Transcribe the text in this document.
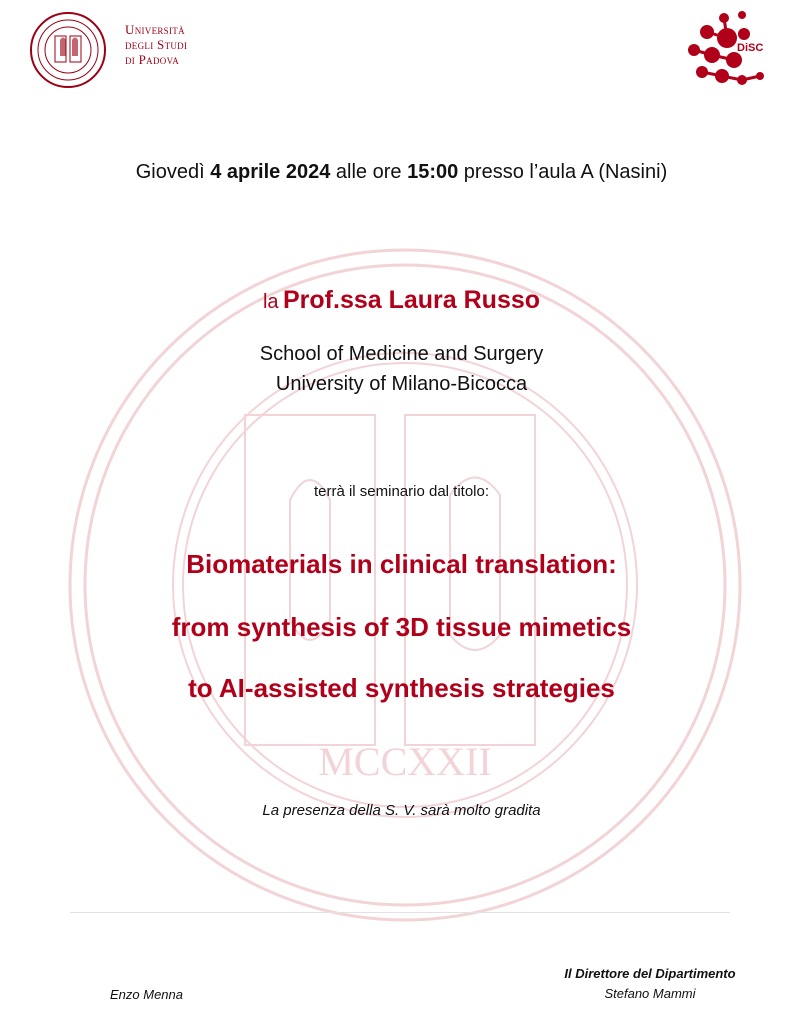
MCCXXII
Università
degli Studi
di Padova
DiSC
Giovedì 4 aprile 2024 alle ore 15:00 presso l’aula A (Nasini)
la Prof.ssa Laura Russo
School of Medicine and Surgery
University of Milano-Bicocca
terrà il seminario dal titolo:
Biomaterials in clinical translation:
from synthesis of 3D tissue mimetics
to AI-assisted synthesis strategies
La presenza della S. V. sarà molto gradita
Il Direttore del Dipartimento
Stefano Mammi
Enzo Menna
